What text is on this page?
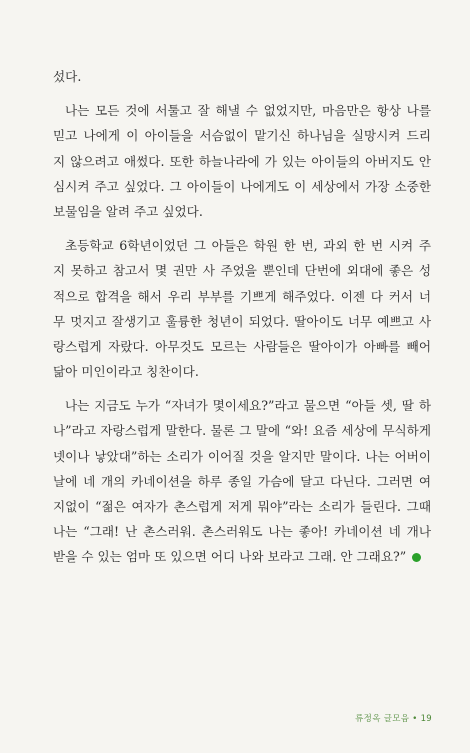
섰다.
나는 모든 것에 서툴고 잘 해낼 수 없었지만, 마음만은 항상 나를
믿고 나에게 이 아이들을 서슴없이 맡기신 하나님을 실망시켜 드리
지 않으려고 애썼다. 또한 하늘나라에 가 있는 아이들의 아버지도 안
심시켜 주고 싶었다. 그 아이들이 나에게도 이 세상에서 가장 소중한
보물임을 알려 주고 싶었다.
초등학교 6학년이었던 그 아들은 학원 한 번, 과외 한 번 시켜 주
지 못하고 참고서 몇 권만 사 주었을 뿐인데 단번에 외대에 좋은 성
적으로 합격을 해서 우리 부부를 기쁘게 해주었다. 이젠 다 커서 너
무 멋지고 잘생기고 훌륭한 청년이 되었다. 딸아이도 너무 예쁘고 사
랑스럽게 자랐다. 아무것도 모르는 사람들은 딸아이가 아빠를 빼어
닮아 미인이라고 칭찬이다.
나는 지금도 누가 “자녀가 몇이세요?”라고 물으면 “아들 셋, 딸 하
나”라고 자랑스럽게 말한다. 물론 그 말에 “와! 요즘 세상에 무식하게
넷이나 낳았대”하는 소리가 이어질 것을 알지만 말이다. 나는 어버이
날에 네 개의 카네이션을 하루 종일 가슴에 달고 다닌다. 그러면 여
지없이 “젊은 여자가 촌스럽게 저게 뭐야”라는 소리가 들린다. 그때
나는 “그래! 난 촌스러워. 촌스러워도 나는 좋아! 카네이션 네 개나
받을 수 있는 엄마 또 있으면 어디 나와 보라고 그래. 안 그래요?”
류정옥 글모음 • 19
